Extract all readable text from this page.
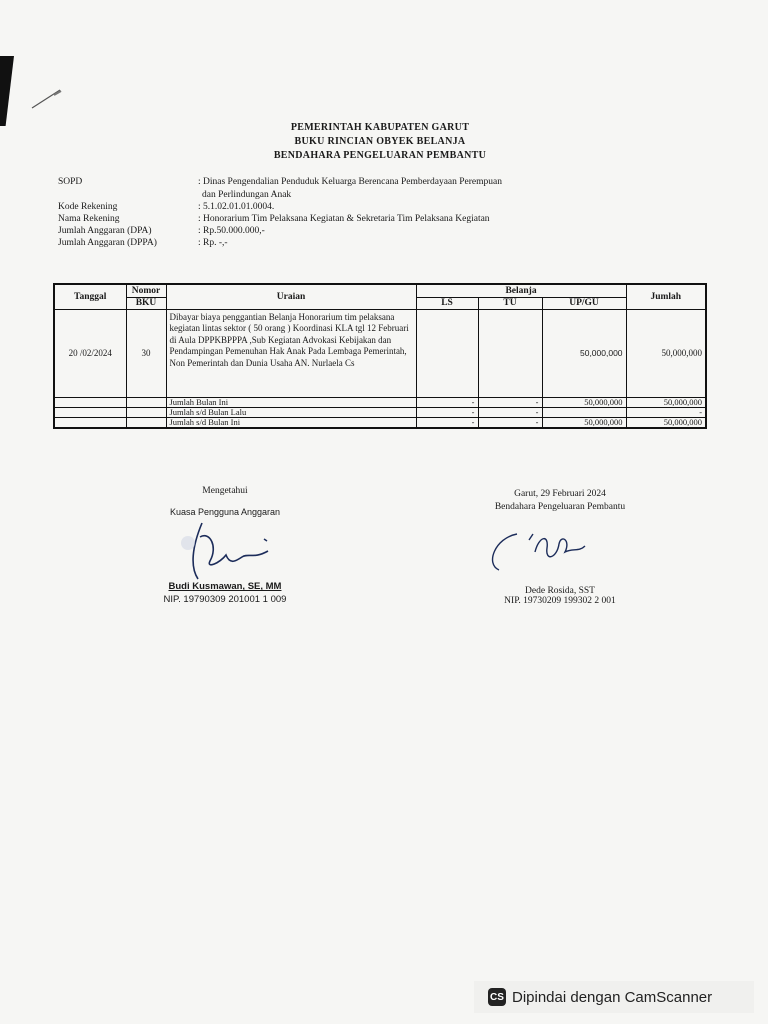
PEMERINTAH KABUPATEN GARUT
BUKU RINCIAN OBYEK BELANJA
BENDAHARA PENGELUARAN PEMBANTU
SOPD	: Dinas Pengendalian Penduduk Keluarga Berencana Pemberdayaan Perempuan
dan Perlindungan Anak
Kode Rekening	: 5.1.02.01.01.0004.
Nama Rekening	: Honorarium Tim Pelaksana Kegiatan & Sekretaria Tim Pelaksana Kegiatan
Jumlah Anggaran (DPA)	: Rp.50.000.000,-
Jumlah Anggaran (DPPA)	: Rp. -,-
Tanggal	Nomor	Uraian	Belanja			Jumlah
	BKU		LS	TU	UP/GU	
20 /02/2024	30	Dibayar biaya penggantian Belanja Honorarium tim pelaksana kegiatan lintas sektor ( 50 orang ) Koordinasi KLA tgl 12 Februari di Aula DPPKBPPPA ,Sub Kegiatan Advokasi Kebijakan dan Pendampingan Pemenuhan Hak Anak Pada Lembaga Pemerintah, Non Pemerintah dan Dunia Usaha AN. Nurlaela Cs			50,000,000	50,000,000
		Jumlah Bulan Ini	-	-	50,000,000	50,000,000
		Jumlah s/d Bulan Lalu	-	-		-
		Jumlah s/d Bulan Ini	-	-	50,000,000	50,000,000
Mengetahui
Kuasa Pengguna Anggaran
Budi Kusmawan, SE, MM
NIP. 19790309 201001 1 009
Garut, 29 Februari 2024
Bendahara Pengeluaran Pembantu
Dede Rosida, SST
NIP. 19730209 199302 2 001
CS Dipindai dengan CamScanner
